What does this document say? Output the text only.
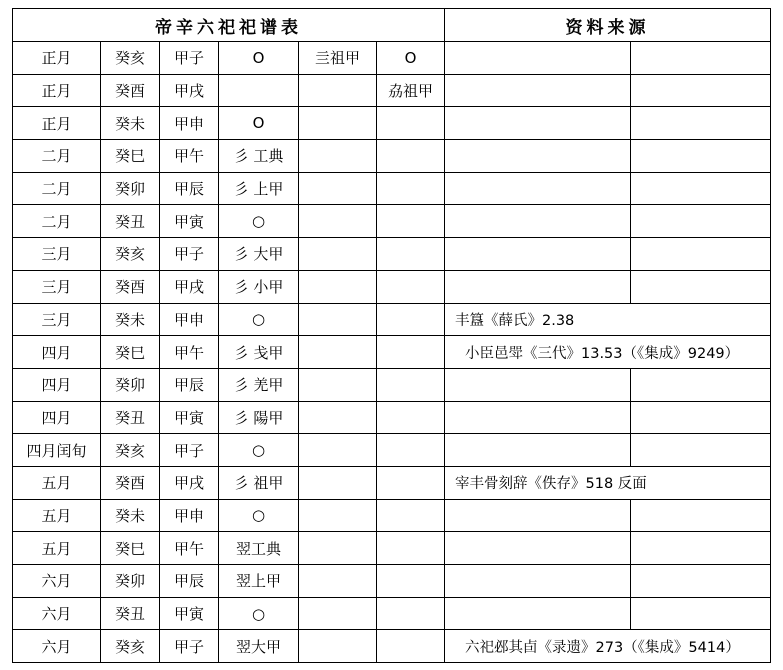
帝辛六祀祀谱表						资料来源	
正月	癸亥	甲子	O	亖祖甲	O		
正月	癸酉	甲戌			劦祖甲		
正月	癸未	甲申	O				
二月	癸巳	甲午	彡 工典				
二月	癸卯	甲辰	彡 上甲				
二月	癸丑	甲寅	○				
三月	癸亥	甲子	彡 大甲				
三月	癸酉	甲戌	彡 小甲				
三月	癸未	甲申	○			丰簋《薛氏》2.38	
四月	癸巳	甲午	彡 戋甲			小臣邑斝《三代》13.53（《集成》9249）	
四月	癸卯	甲辰	彡 羌甲				
四月	癸丑	甲寅	彡 陽甲				
四月闰旬	癸亥	甲子	○				
五月	癸酉	甲戌	彡 祖甲			宰丰骨刻辞《佚存》518 反面	
五月	癸未	甲申	○				
五月	癸巳	甲午	翌工典				
六月	癸卯	甲辰	翌上甲				
六月	癸丑	甲寅	○				
六月	癸亥	甲子	翌大甲			六祀邲其卣《录遗》273（《集成》5414）	
